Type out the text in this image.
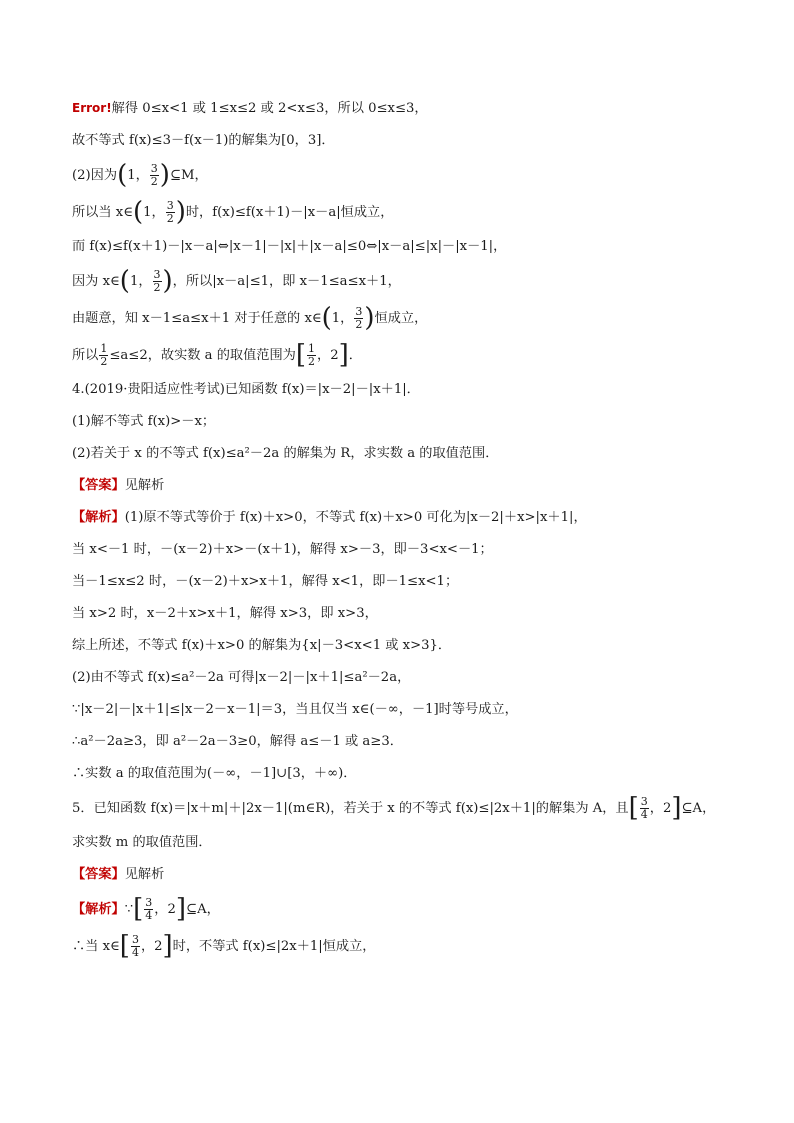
Error!解得 0≤x<1 或 1≤x≤2 或 2<x≤3，所以 0≤x≤3，

故不等式 f(x)≤3－f(x－1)的解集为[0，3]．

(2)因为(1， $\frac{3}{2}$ )⊆M，

所以当 x∈(1， $\frac{3}{2}$ )时，f(x)≤f(x＋1)－|x－a|恒成立，

而 f(x)≤f(x＋1)－|x－a|⇔|x－1|－|x|＋|x－a|≤0⇔|x－a|≤|x|－|x－1|，

因为 x∈(1， $\frac{3}{2}$ )，所以|x－a|≤1，即 x－1≤a≤x＋1，

由题意，知 x－1≤a≤x＋1 对于任意的 x∈(1， $\frac{3}{2}$ )恒成立，

所以 $\frac{1}{2} \le a\le 2$，故实数 a 的取值范围为[ $\frac{1}{2}$ ，2]．

4.(2019·贵阳适应性考试)已知函数 f(x)＝|x－2|－|x＋1|．

(1)解不等式 f(x)>－x；

(2)若关于 x 的不等式 f(x)≤a²－2a 的解集为 R，求实数 a 的取值范围．

【答案】见解析

【解析】(1)原不等式等价于 f(x)＋x>0，不等式 f(x)＋x>0 可化为|x－2|＋x>|x＋1|，

当 x<－1 时，－(x－2)＋x>－(x＋1)，解得 x>－3，即－3<x<－1；

当－1≤x≤2 时，－(x－2)＋x>x＋1，解得 x<1，即－1≤x<1；

当 x>2 时，x－2＋x>x＋1，解得 x>3，即 x>3，

综上所述，不等式 f(x)＋x>0 的解集为{x|－3<x<1 或 x>3}．

(2)由不等式 f(x)≤a²－2a 可得|x－2|－|x＋1|≤a²－2a，

∵|x－2|－|x＋1|≤|x－2－x－1|＝3，当且仅当 x∈(－∞，－1]时等号成立，

∴a²－2a≥3，即 a²－2a－3≥0，解得 a≤－1 或 a≥3．

∴实数 a 的取值范围为(－∞，－1]∪[3，＋∞)．

5．已知函数 f(x)＝|x＋m|＋|2x－1|(m∈R)，若关于 x 的不等式 f(x)≤|2x＋1|的解集为 A，且[ $\frac{3}{4}$ ，2]⊆A，

求实数 m 的取值范围．

【答案】见解析

【解析】∵[ $\frac{3}{4}$ ，2]⊆A，

∴当 x∈[ $\frac{3}{4}$ ，2]时，不等式 f(x)≤|2x＋1|恒成立，
